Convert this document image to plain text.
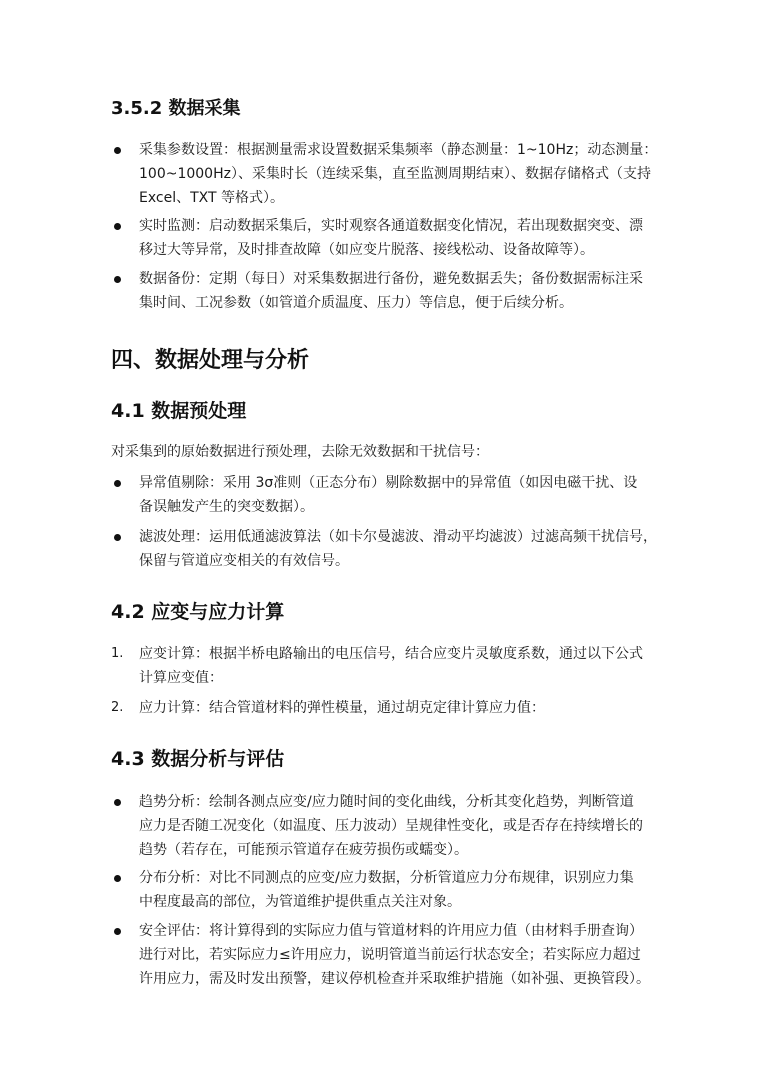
3.5.2 数据采集
采集参数设置：根据测量需求设置数据采集频率（静态测量：1~10Hz；动态测量：
100~1000Hz）、采集时长（连续采集，直至监测周期结束）、数据存储格式（支持
Excel、TXT 等格式）。
实时监测：启动数据采集后，实时观察各通道数据变化情况，若出现数据突变、漂
移过大等异常，及时排查故障（如应变片脱落、接线松动、设备故障等）。
数据备份：定期（每日）对采集数据进行备份，避免数据丢失；备份数据需标注采
集时间、工况参数（如管道介质温度、压力）等信息，便于后续分析。
四、数据处理与分析
4.1 数据预处理

对采集到的原始数据进行预处理，去除无效数据和干扰信号：

异常值剔除：采用 3σ准则（正态分布）剔除数据中的异常值（如因电磁干扰、设
备误触发产生的突变数据）。
滤波处理：运用低通滤波算法（如卡尔曼滤波、滑动平均滤波）过滤高频干扰信号，
保留与管道应变相关的有效信号。
4.2 应变与应力计算
1. 应变计算：根据半桥电路输出的电压信号，结合应变片灵敏度系数，通过以下公式
计算应变值：
2. 应力计算：结合管道材料的弹性模量，通过胡克定律计算应力值：
4.3 数据分析与评估
趋势分析：绘制各测点应变/应力随时间的变化曲线，分析其变化趋势，判断管道
应力是否随工况变化（如温度、压力波动）呈规律性变化，或是否存在持续增长的
趋势（若存在，可能预示管道存在疲劳损伤或蠕变）。
分布分析：对比不同测点的应变/应力数据，分析管道应力分布规律，识别应力集
中程度最高的部位，为管道维护提供重点关注对象。
安全评估：将计算得到的实际应力值与管道材料的许用应力值（由材料手册查询）
进行对比，若实际应力≤许用应力，说明管道当前运行状态安全；若实际应力超过
许用应力，需及时发出预警，建议停机检查并采取维护措施（如补强、更换管段）。
